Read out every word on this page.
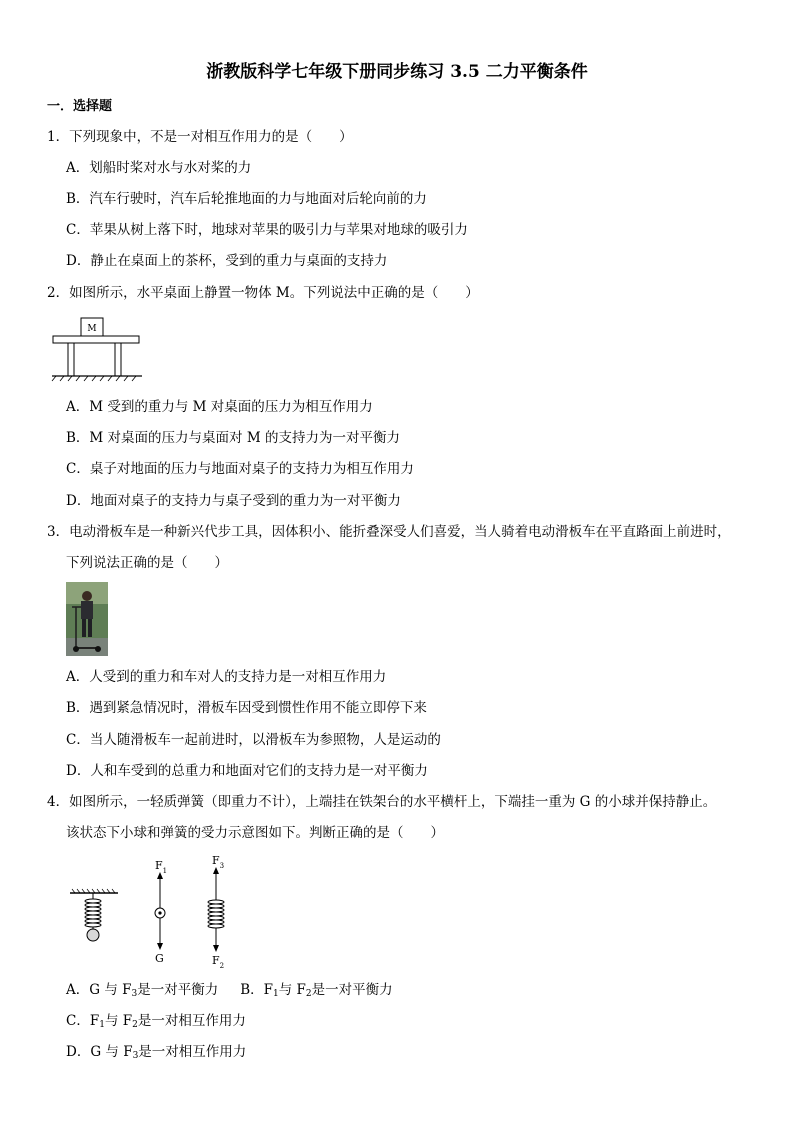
浙教版科学七年级下册同步练习 3.5 二力平衡条件
一．选择题
1．下列现象中，不是一对相互作用力的是（　　）
A．划船时桨对水与水对桨的力
B．汽车行驶时，汽车后轮推地面的力与地面对后轮向前的力
C．苹果从树上落下时，地球对苹果的吸引力与苹果对地球的吸引力
D．静止在桌面上的茶杯，受到的重力与桌面的支持力
2．如图所示，水平桌面上静置一物体 M。下列说法中正确的是（　　）
M
A．M 受到的重力与 M 对桌面的压力为相互作用力
B．M 对桌面的压力与桌面对 M 的支持力为一对平衡力
C．桌子对地面的压力与地面对桌子的支持力为相互作用力
D．地面对桌子的支持力与桌子受到的重力为一对平衡力
3．电动滑板车是一种新兴代步工具，因体积小、能折叠深受人们喜爱，当人骑着电动滑板车在平直路面上前进时，
下列说法正确的是（　　）
A．人受到的重力和车对人的支持力是一对相互作用力
B．遇到紧急情况时，滑板车因受到惯性作用不能立即停下来
C．当人随滑板车一起前进时，以滑板车为参照物，人是运动的
D．人和车受到的总重力和地面对它们的支持力是一对平衡力
4．如图所示，一轻质弹簧（即重力不计），上端挂在铁架台的水平横杆上，下端挂一重为 G 的小球并保持静止。
该状态下小球和弹簧的受力示意图如下。判断正确的是（　　）
$F_1$
G
$F_3$
$F_2$
A．G 与 $F_3$是一对平衡力 B．$F_1$与 $F_2$是一对平衡力
C．$F_1$与 $F_2$是一对相互作用力
D．G 与 $F_3$是一对相互作用力
